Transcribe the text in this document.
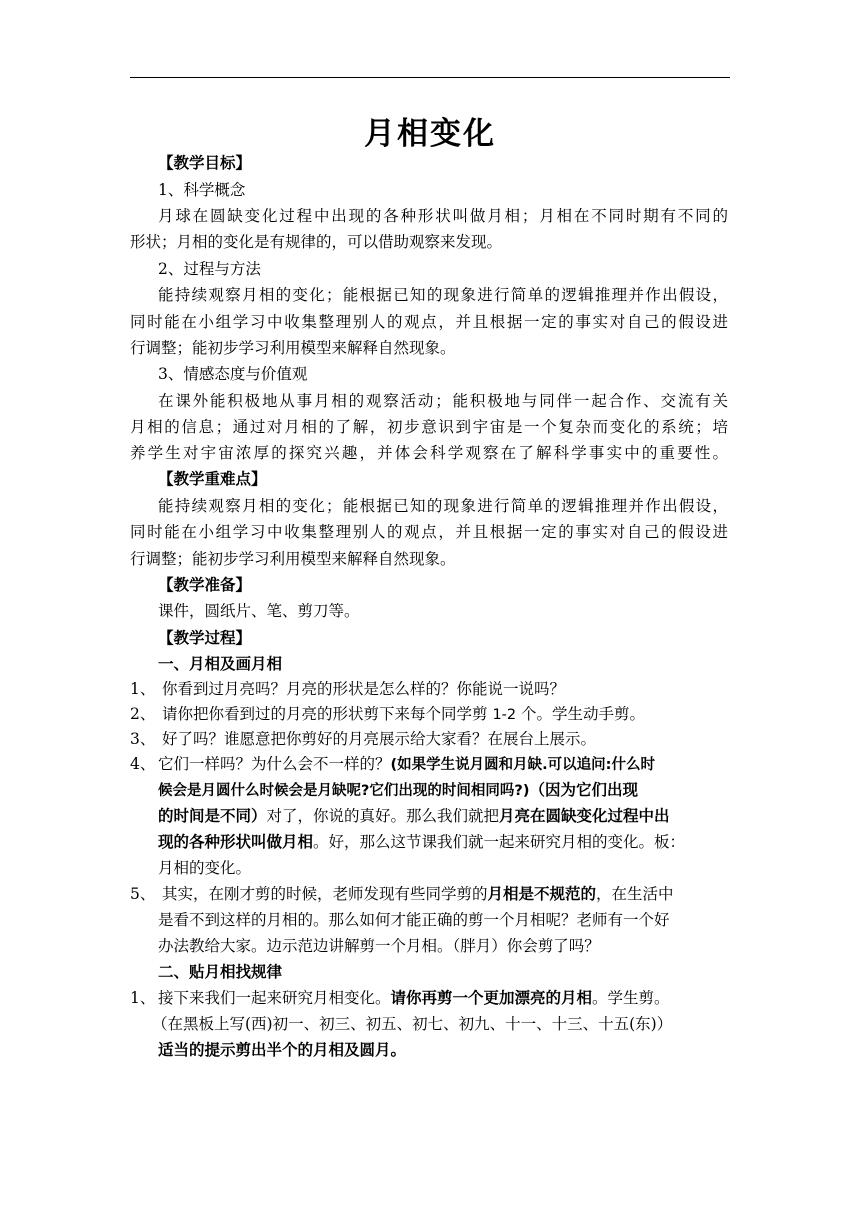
月相变化
【教学目标】
1、科学概念
月球在圆缺变化过程中出现的各种形状叫做月相；月相在不同时期有不同的
形状；月相的变化是有规律的，可以借助观察来发现。
2、过程与方法
能持续观察月相的变化；能根据已知的现象进行简单的逻辑推理并作出假设，
同时能在小组学习中收集整理别人的观点，并且根据一定的事实对自己的假设进
行调整；能初步学习利用模型来解释自然现象。
3、情感态度与价值观
在课外能积极地从事月相的观察活动；能积极地与同伴一起合作、交流有关
月相的信息；通过对月相的了解，初步意识到宇宙是一个复杂而变化的系统；培
养学生对宇宙浓厚的探究兴趣，并体会科学观察在了解科学事实中的重要性。
【教学重难点】
能持续观察月相的变化；能根据已知的现象进行简单的逻辑推理并作出假设，
同时能在小组学习中收集整理别人的观点，并且根据一定的事实对自己的假设进
行调整；能初步学习利用模型来解释自然现象。
【教学准备】
课件，圆纸片、笔、剪刀等。
【教学过程】
一、月相及画月相
1、 你看到过月亮吗？月亮的形状是怎么样的？你能说一说吗？
2、 请你把你看到过的月亮的形状剪下来每个同学剪 1-2 个。学生动手剪。
3、 好了吗？谁愿意把你剪好的月亮展示给大家看？在展台上展示。
4、 它们一样吗？为什么会不一样的？(如果学生说月圆和月缺.可以追问:什么时
候会是月圆什么时候会是月缺呢?它们出现的时间相同吗?)（因为它们出现
的时间是不同）对了，你说的真好。那么我们就把月亮在圆缺变化过程中出
现的各种形状叫做月相。好，那么这节课我们就一起来研究月相的变化。板：
月相的变化。
5、 其实，在刚才剪的时候，老师发现有些同学剪的月相是不规范的，在生活中
是看不到这样的月相的。那么如何才能正确的剪一个月相呢？老师有一个好
办法教给大家。边示范边讲解剪一个月相。（胖月）你会剪了吗？
二、贴月相找规律
1、 接下来我们一起来研究月相变化。请你再剪一个更加漂亮的月相。学生剪。
（在黑板上写(西)初一、初三、初五、初七、初九、十一、十三、十五(东)）
适当的提示剪出半个的月相及圆月。
